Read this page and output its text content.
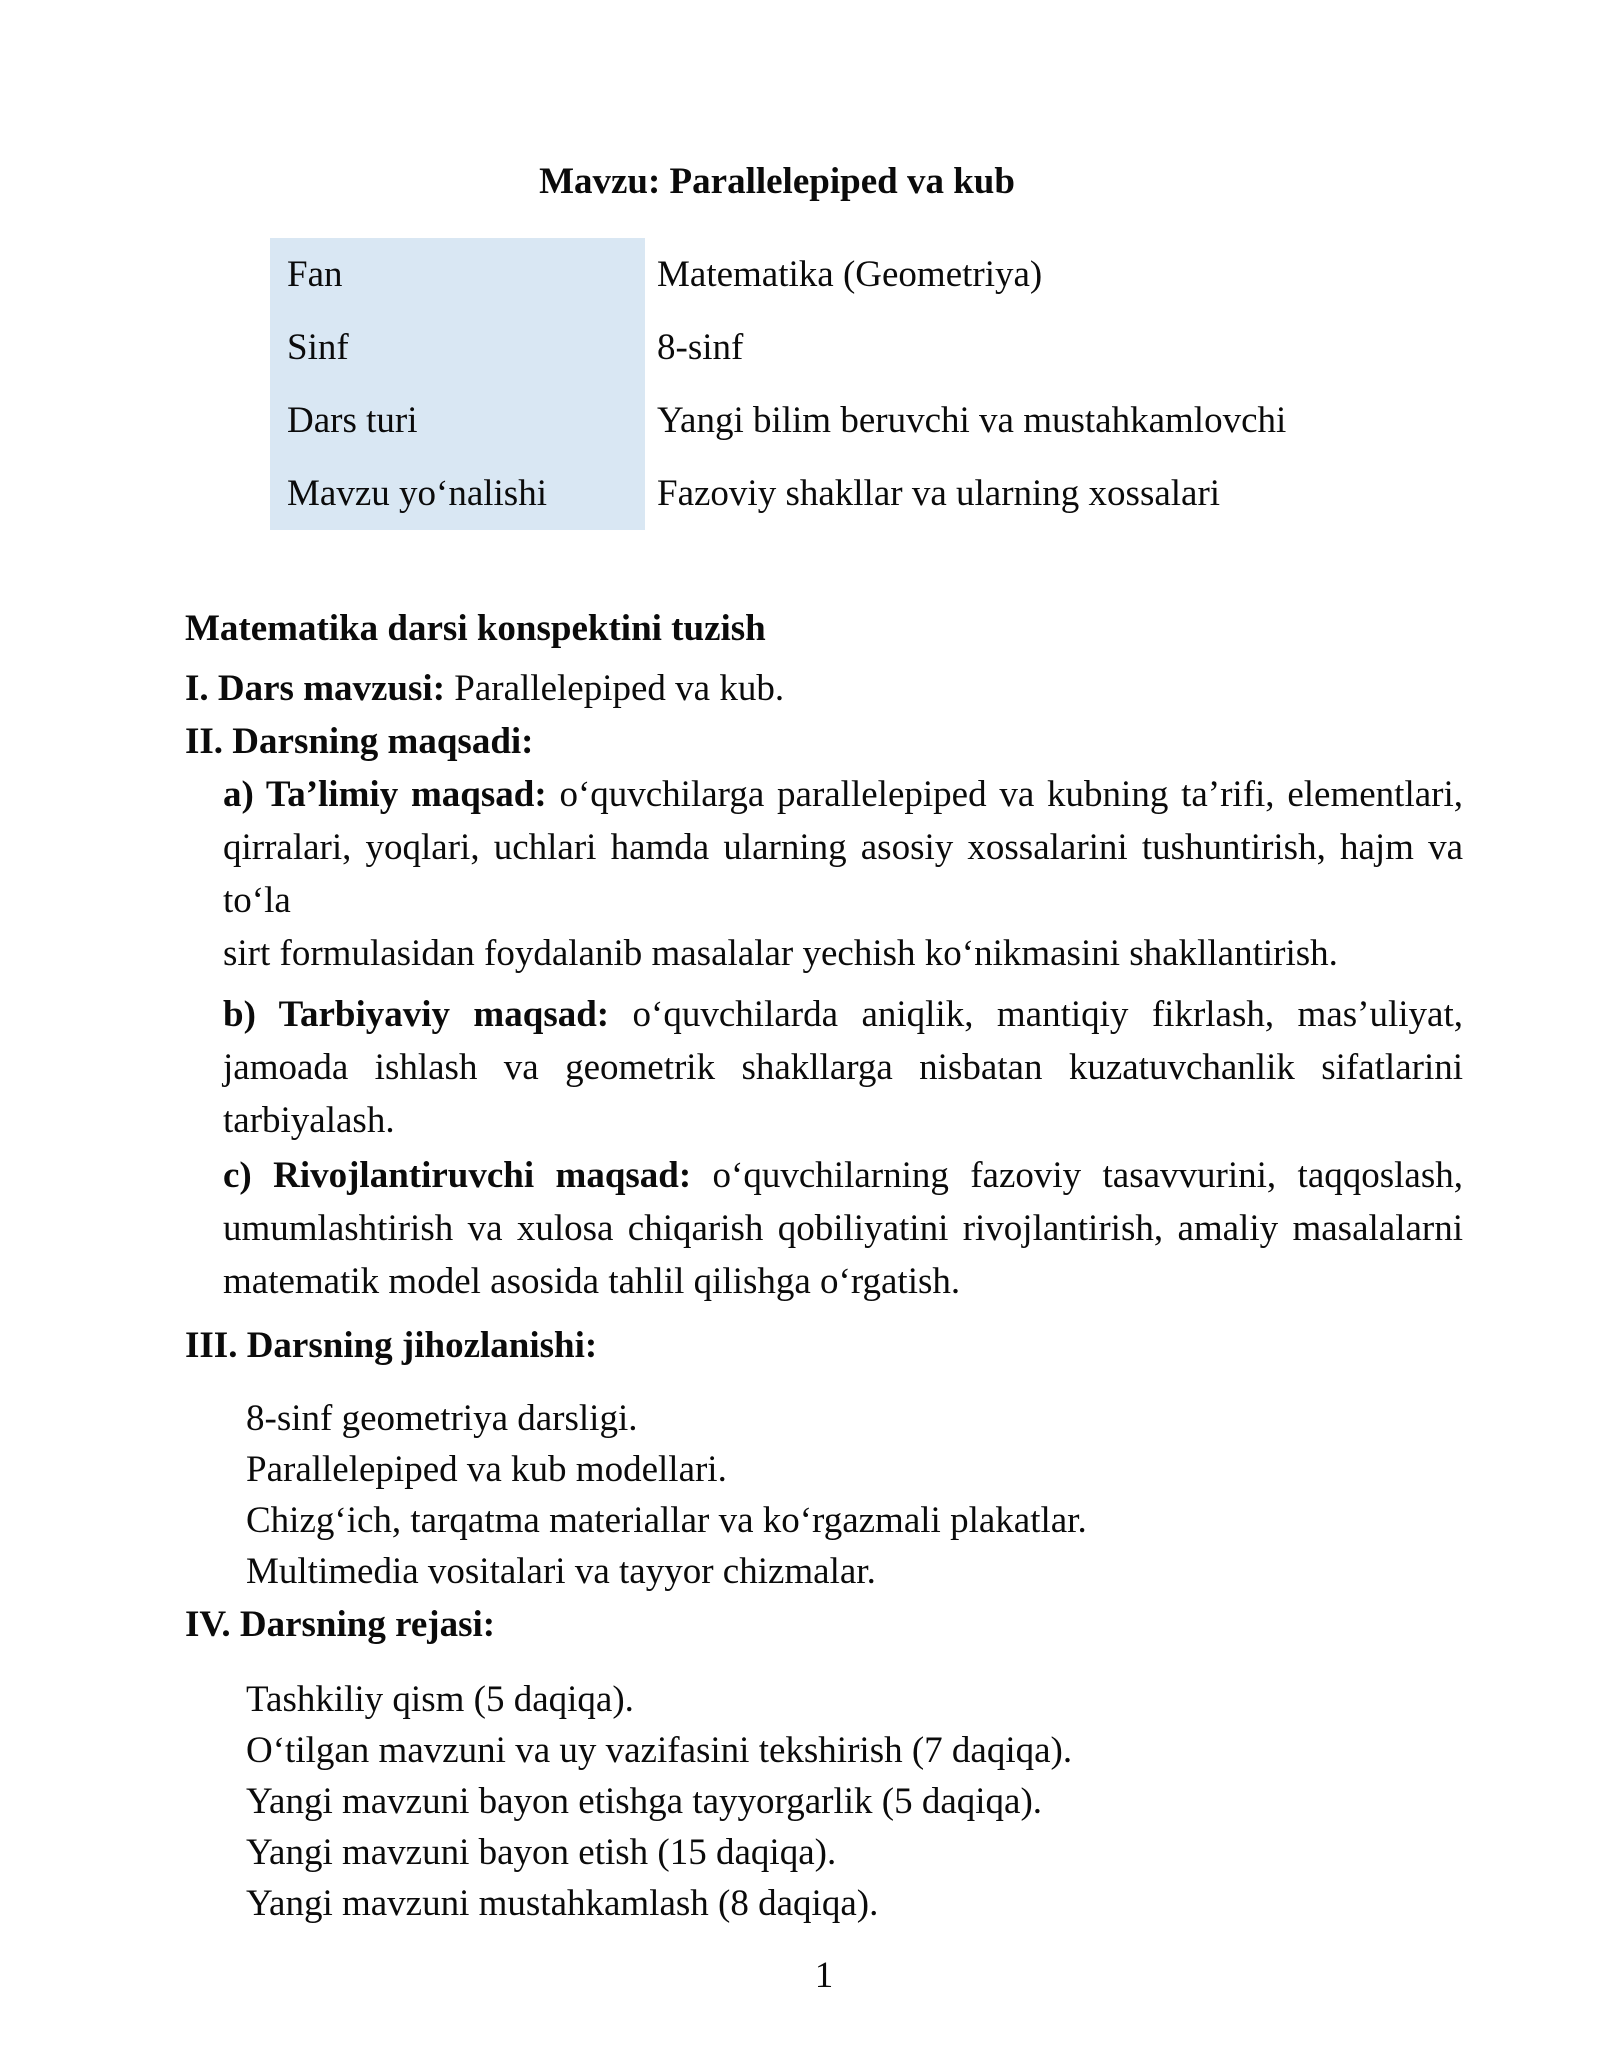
Mavzu: Parallelepiped va kub
Fan	Matematika (Geometriya)
Sinf	8-sinf
Dars turi	Yangi bilim beruvchi va mustahkamlovchi
Mavzu yo‘nalishi	Fazoviy shakllar va ularning xossalari
Matematika darsi konspektini tuzish
I. Dars mavzusi: Parallelepiped va kub.
II. Darsning maqsadi:
a) Ta’limiy maqsad: o‘quvchilarga parallelepiped va kubning ta’rifi, elementlari,
qirralari, yoqlari, uchlari hamda ularning asosiy xossalarini tushuntirish, hajm va to‘la
sirt formulasidan foydalanib masalalar yechish ko‘nikmasini shakllantirish.
b) Tarbiyaviy maqsad: o‘quvchilarda aniqlik, mantiqiy fikrlash, mas’uliyat,
jamoada ishlash va geometrik shakllarga nisbatan kuzatuvchanlik sifatlarini
tarbiyalash.
c) Rivojlantiruvchi maqsad: o‘quvchilarning fazoviy tasavvurini, taqqoslash,
umumlashtirish va xulosa chiqarish qobiliyatini rivojlantirish, amaliy masalalarni
matematik model asosida tahlil qilishga o‘rgatish.
III. Darsning jihozlanishi:
8-sinf geometriya darsligi.
Parallelepiped va kub modellari.
Chizg‘ich, tarqatma materiallar va ko‘rgazmali plakatlar.
Multimedia vositalari va tayyor chizmalar.
IV. Darsning rejasi:
Tashkiliy qism (5 daqiqa).
O‘tilgan mavzuni va uy vazifasini tekshirish (7 daqiqa).
Yangi mavzuni bayon etishga tayyorgarlik (5 daqiqa).
Yangi mavzuni bayon etish (15 daqiqa).
Yangi mavzuni mustahkamlash (8 daqiqa).
1
